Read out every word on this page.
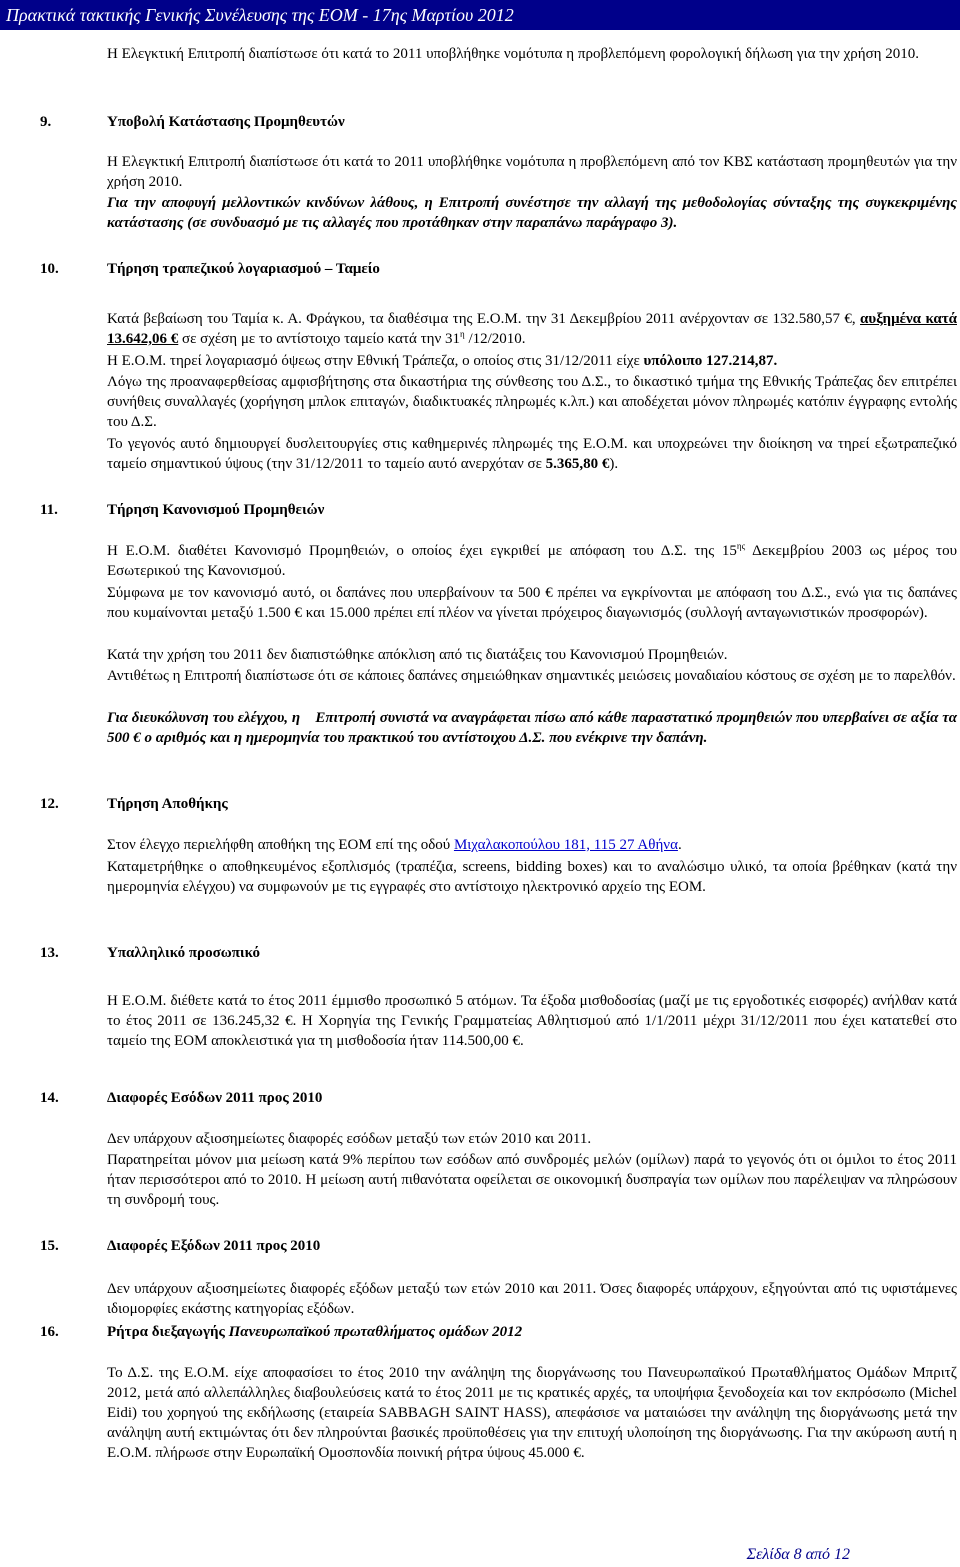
Πρακτικά τακτικής Γενικής Συνέλευσης της ΕΟΜ - 17ης Μαρτίου 2012
Η Ελεγκτική Επιτροπή διαπίστωσε ότι κατά το 2011 υποβλήθηκε νομότυπα η προβλεπόμενη φορολογική δήλωση για την χρήση 2010.
9.	Υποβολή Κατάστασης Προμηθευτών
Η Ελεγκτική Επιτροπή διαπίστωσε ότι κατά το 2011 υποβλήθηκε νομότυπα η προβλεπόμενη από τον ΚΒΣ κατάσταση προμηθευτών για την χρήση 2010.
Για την αποφυγή μελλοντικών κινδύνων λάθους, η Επιτροπή συνέστησε την αλλαγή της μεθοδολογίας σύνταξης της συγκεκριμένης κατάστασης (σε συνδυασμό με τις αλλαγές που προτάθηκαν στην παραπάνω παράγραφο 3).
10.	Τήρηση τραπεζικού λογαριασμού – Ταμείο
Κατά βεβαίωση του Ταμία κ. Α. Φράγκου, τα διαθέσιμα της Ε.Ο.Μ. την 31 Δεκεμβρίου 2011 ανέρχονταν σε 132.580,57 €, αυξημένα κατά 13.642,06 € σε σχέση με το αντίστοιχο ταμείο κατά την $31^\eta$ /12/2010.
Η Ε.Ο.Μ. τηρεί λογαριασμό όψεως στην Εθνική Τράπεζα, ο οποίος στις 31/12/2011 είχε υπόλοιπο 127.214,87.
Λόγω της προαναφερθείσας αμφισβήτησης στα δικαστήρια της σύνθεσης του Δ.Σ., το δικαστικό τμήμα της Εθνικής Τράπεζας δεν επιτρέπει συνήθεις συναλλαγές (χορήγηση μπλοκ επιταγών, διαδικτυακές πληρωμές κ.λπ.) και αποδέχεται μόνον πληρωμές κατόπιν έγγραφης εντολής του Δ.Σ.
Το γεγονός αυτό δημιουργεί δυσλειτουργίες στις καθημερινές πληρωμές της Ε.Ο.Μ. και υποχρεώνει την διοίκηση να τηρεί εξωτραπεζικό ταμείο σημαντικού ύψους (την 31/12/2011 το ταμείο αυτό ανερχόταν σε 5.365,80 €).
11.	Τήρηση Κανονισμού Προμηθειών
Η Ε.Ο.Μ. διαθέτει Κανονισμό Προμηθειών, ο οποίος έχει εγκριθεί με απόφαση του Δ.Σ. της $15^{\eta\varsigma}$ Δεκεμβρίου 2003 ως μέρος του Εσωτερικού της Κανονισμού.
Σύμφωνα με τον κανονισμό αυτό, οι δαπάνες που υπερβαίνουν τα 500 € πρέπει να εγκρίνονται με απόφαση του Δ.Σ., ενώ για τις δαπάνες που κυμαίνονται μεταξύ 1.500 € και 15.000 πρέπει επί πλέον να γίνεται πρόχειρος διαγωνισμός (συλλογή ανταγωνιστικών προσφορών).
Κατά την χρήση του 2011 δεν διαπιστώθηκε απόκλιση από τις διατάξεις του Κανονισμού Προμηθειών.
Αντιθέτως η Επιτροπή διαπίστωσε ότι σε κάποιες δαπάνες σημειώθηκαν σημαντικές μειώσεις μοναδιαίου κόστους σε σχέση με το παρελθόν.
Για διευκόλυνση του ελέγχου, η Επιτροπή συνιστά να αναγράφεται πίσω από κάθε παραστατικό προμηθειών που υπερβαίνει σε αξία τα 500 € ο αριθμός και η ημερομηνία του πρακτικού του αντίστοιχου Δ.Σ. που ενέκρινε την δαπάνη.
12.	Τήρηση Αποθήκης
Στον έλεγχο περιελήφθη αποθήκη της ΕΟΜ επί της οδού Μιχαλακοπούλου 181, 115 27 Αθήνα.
Καταμετρήθηκε ο αποθηκευμένος εξοπλισμός (τραπέζια, screens, bidding boxes) και το αναλώσιμο υλικό, τα οποία βρέθηκαν (κατά την ημερομηνία ελέγχου) να συμφωνούν με τις εγγραφές στο αντίστοιχο ηλεκτρονικό αρχείο της ΕΟΜ.
13.	Υπαλληλικό προσωπικό
Η Ε.Ο.Μ. διέθετε κατά το έτος 2011 έμμισθο προσωπικό 5 ατόμων. Τα έξοδα μισθοδοσίας (μαζί με τις εργοδοτικές εισφορές) ανήλθαν κατά το έτος 2011 σε 136.245,32 €. Η Χορηγία της Γενικής Γραμματείας Αθλητισμού από 1/1/2011 μέχρι 31/12/2011 που έχει κατατεθεί στο ταμείο της ΕΟΜ αποκλειστικά για τη μισθοδοσία ήταν 114.500,00 €.
14.	Διαφορές Εσόδων 2011 προς 2010
Δεν υπάρχουν αξιοσημείωτες διαφορές εσόδων μεταξύ των ετών 2010 και 2011.
Παρατηρείται μόνον μια μείωση κατά 9% περίπου των εσόδων από συνδρομές μελών (ομίλων) παρά το γεγονός ότι οι όμιλοι το έτος 2011 ήταν περισσότεροι από το 2010. Η μείωση αυτή πιθανότατα οφείλεται σε οικονομική δυσπραγία των ομίλων που παρέλειψαν να πληρώσουν τη συνδρομή τους.
15.	Διαφορές Εξόδων 2011 προς 2010
Δεν υπάρχουν αξιοσημείωτες διαφορές εξόδων μεταξύ των ετών 2010 και 2011. Όσες διαφορές υπάρχουν, εξηγούνται από τις υφιστάμενες ιδιομορφίες εκάστης κατηγορίας εξόδων.
16.	Ρήτρα διεξαγωγής Πανευρωπαϊκού πρωταθλήματος ομάδων 2012
Το Δ.Σ. της Ε.Ο.Μ. είχε αποφασίσει το έτος 2010 την ανάληψη της διοργάνωσης του Πανευρωπαϊκού Πρωταθλήματος Ομάδων Μπριτζ 2012, μετά από αλλεπάλληλες διαβουλεύσεις κατά το έτος 2011 με τις κρατικές αρχές, τα υποψήφια ξενοδοχεία και τον εκπρόσωπο (Michel Eidi) του χορηγού της εκδήλωσης (εταιρεία SABBAGH SAINT HASS), απεφάσισε να ματαιώσει την ανάληψη της διοργάνωσης μετά την ανάληψη αυτή εκτιμώντας ότι δεν πληρούνται βασικές προϋποθέσεις για την επιτυχή υλοποίηση της διοργάνωσης. Για την ακύρωση αυτή η Ε.Ο.Μ. πλήρωσε στην Ευρωπαϊκή Ομοσπονδία ποινική ρήτρα ύψους 45.000 €.
Σελίδα 8 από 12
